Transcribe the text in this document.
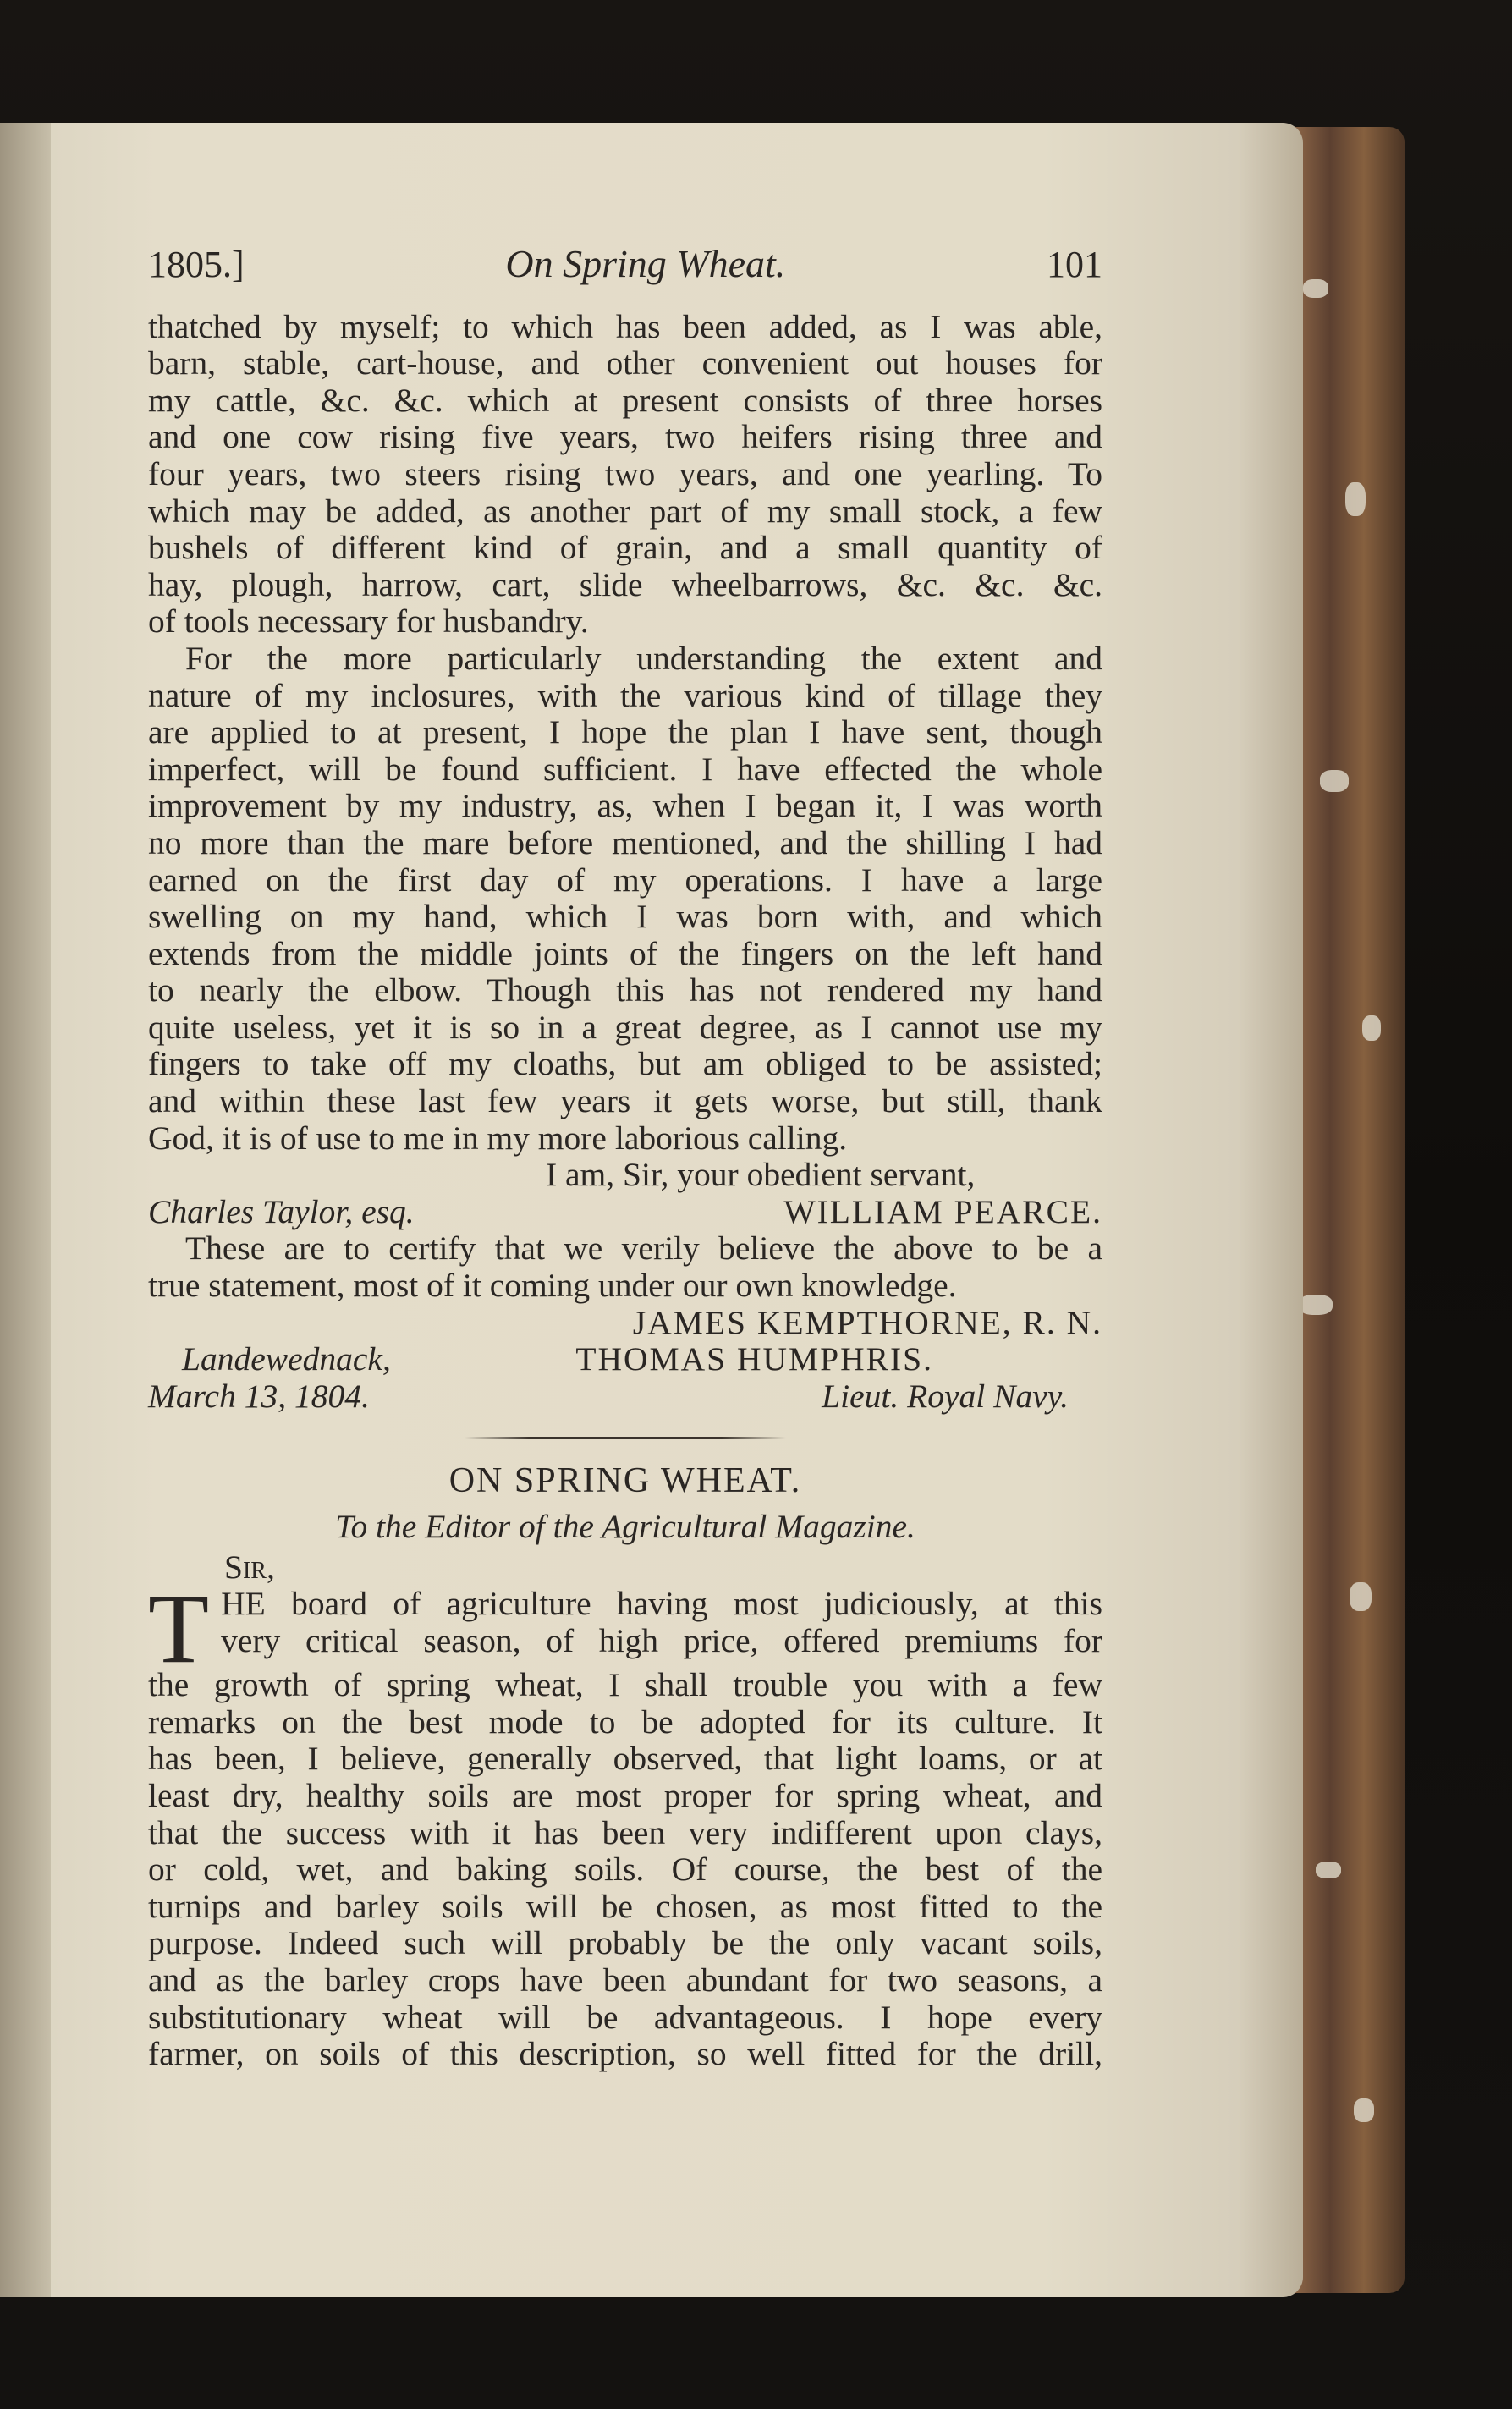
1805.]	On Spring Wheat.	101
thatched by myself; to which has been added, as I was able,
barn, stable, cart-house, and other convenient out houses for
my cattle, &c. &c. which at present consists of three horses
and one cow rising five years, two heifers rising three and
four years, two steers rising two years, and one yearling. To
which may be added, as another part of my small stock, a few
bushels of different kind of grain, and a small quantity of
hay, plough, harrow, cart, slide wheelbarrows, &c. &c. &c.
of tools necessary for husbandry.
For the more particularly understanding the extent and
nature of my inclosures, with the various kind of tillage they
are applied to at present, I hope the plan I have sent, though
imperfect, will be found sufficient. I have effected the whole
improvement by my industry, as, when I began it, I was worth
no more than the mare before mentioned, and the shilling I had
earned on the first day of my operations. I have a large
swelling on my hand, which I was born with, and which
extends from the middle joints of the fingers on the left hand
to nearly the elbow. Though this has not rendered my hand
quite useless, yet it is so in a great degree, as I cannot use my
fingers to take off my cloaths, but am obliged to be assisted;
and within these last few years it gets worse, but still, thank
God, it is of use to me in my more laborious calling.
I am, Sir, your obedient servant,
Charles Taylor, esq.	WILLIAM PEARCE.
These are to certify that we verily believe the above to be a
true statement, most of it coming under our own knowledge.
JAMES KEMPTHORNE, R. N.
Landewednack,	THOMAS HUMPHRIS.
March 13, 1804.	Lieut. Royal Navy.
ON SPRING WHEAT.
To the Editor of the Agricultural Magazine.
Sir,
T HE board of agriculture having most judiciously, at this
very critical season, of high price, offered premiums for
the growth of spring wheat, I shall trouble you with a few
remarks on the best mode to be adopted for its culture. It
has been, I believe, generally observed, that light loams, or at
least dry, healthy soils are most proper for spring wheat, and
that the success with it has been very indifferent upon clays,
or cold, wet, and baking soils. Of course, the best of the
turnips and barley soils will be chosen, as most fitted to the
purpose. Indeed such will probably be the only vacant soils,
and as the barley crops have been abundant for two seasons, a
substitutionary wheat will be advantageous. I hope every
farmer, on soils of this description, so well fitted for the drill,
